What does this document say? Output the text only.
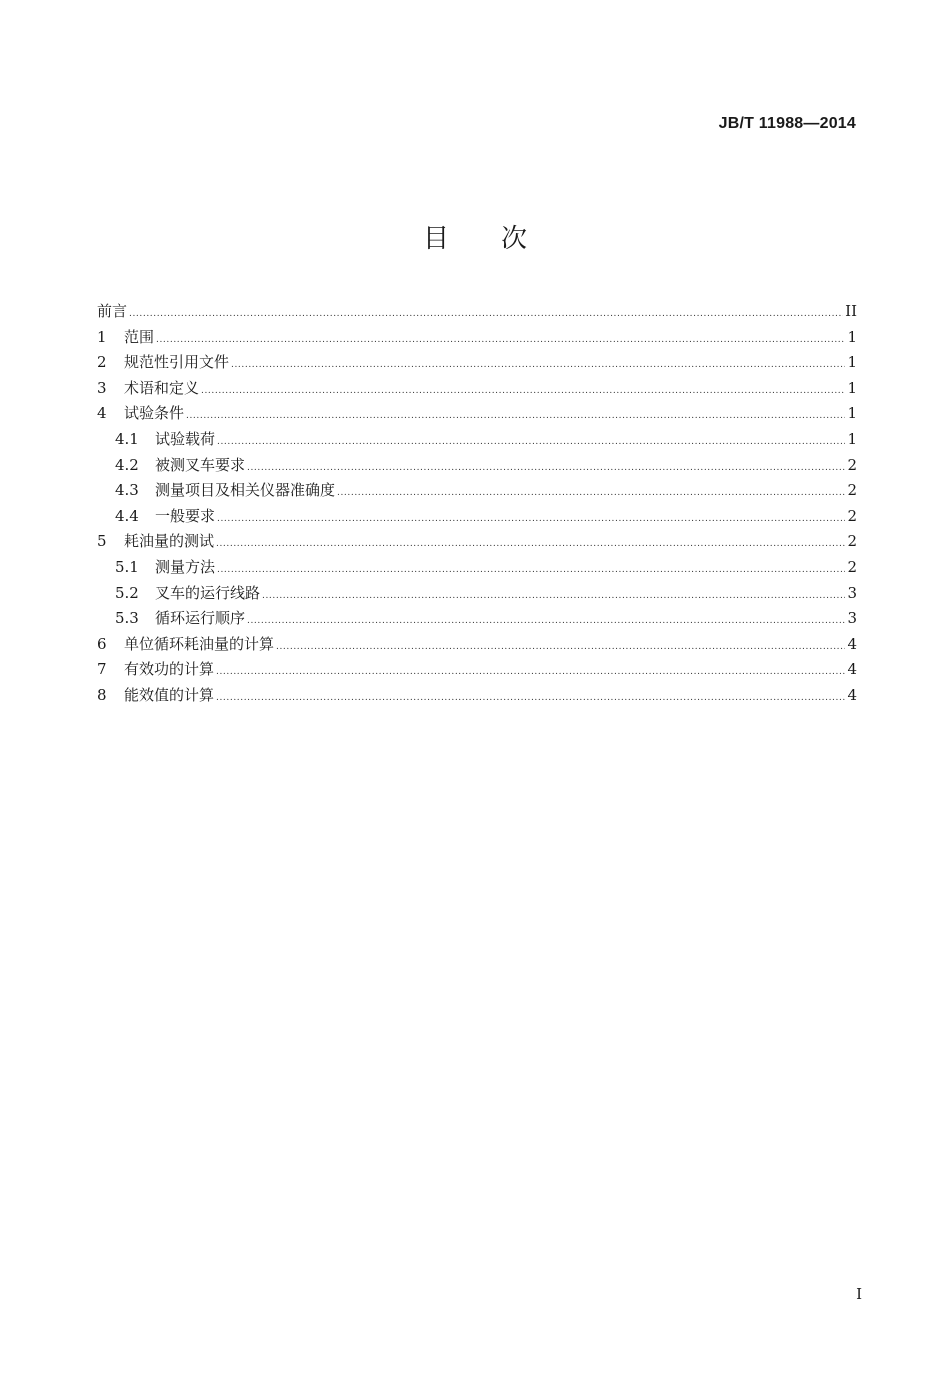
JB/T 11988—2014
目 次
前言 .....	II
1	范围 .....	1
2	规范性引用文件 .....	1
3	术语和定义 .....	1
4	试验条件 .....	1
4.1	试验载荷 .....	1
4.2	被测叉车要求 .....	2
4.3	测量项目及相关仪器准确度 .....	2
4.4	一般要求 .....	2
5	耗油量的测试 .....	2
5.1	测量方法 .....	2
5.2	叉车的运行线路 .....	3
5.3	循环运行顺序 .....	3
6	单位循环耗油量的计算 .....	4
7	有效功的计算 .....	4
8	能效值的计算 .....	4
I
